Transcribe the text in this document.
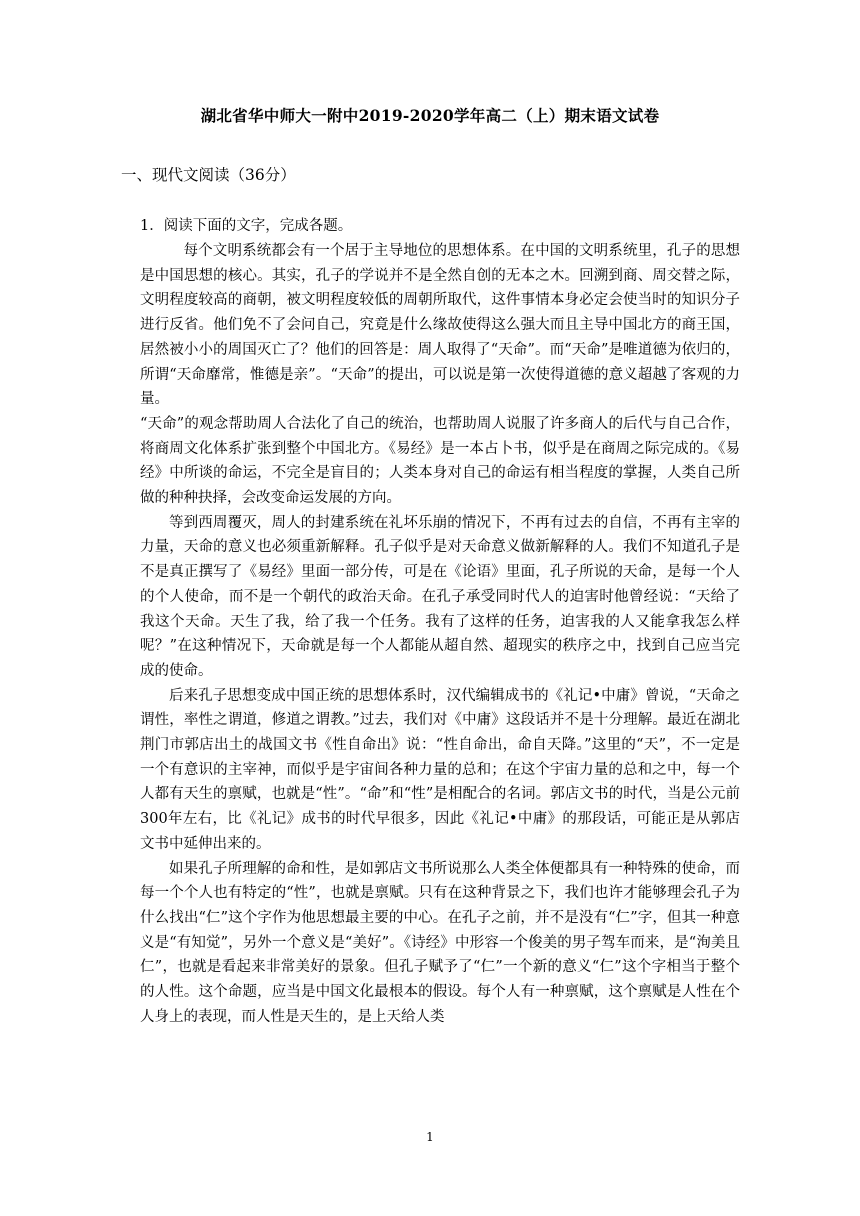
湖北省华中师大一附中2019-2020学年高二（上）期末语文试卷
一、现代文阅读（36分）
1．阅读下面的文字，完成各题。

每个文明系统都会有一个居于主导地位的思想体系。在中国的文明系统里，孔子的思想是中国思想的核心。其实，孔子的学说并不是全然自创的无本之木。回溯到商、周交替之际，文明程度较高的商朝，被文明程度较低的周朝所取代，这件事情本身必定会使当时的知识分子进行反省。他们免不了会问自己，究竟是什么缘故使得这么强大而且主导中国北方的商王国，居然被小小的周国灭亡了？他们的回答是：周人取得了“天命”。而“天命”是唯道德为依归的，所谓“天命靡常，惟德是亲”。“天命”的提出，可以说是第一次使得道德的意义超越了客观的力量。

“天命”的观念帮助周人合法化了自己的统治，也帮助周人说服了许多商人的后代与自己合作，将商周文化体系扩张到整个中国北方。《易经》是一本占卜书，似乎是在商周之际完成的。《易经》中所谈的命运，不完全是盲目的；人类本身对自己的命运有相当程度的掌握，人类自己所做的种种抉择，会改变命运发展的方向。

等到西周覆灭，周人的封建系统在礼坏乐崩的情况下，不再有过去的自信，不再有主宰的力量，天命的意义也必须重新解释。孔子似乎是对天命意义做新解释的人。我们不知道孔子是不是真正撰写了《易经》里面一部分传，可是在《论语》里面，孔子所说的天命，是每一个人的个人使命，而不是一个朝代的政治天命。在孔子承受同时代人的迫害时他曾经说：“天给了我这个天命。天生了我，给了我一个任务。我有了这样的任务，迫害我的人又能拿我怎么样呢？”在这种情况下，天命就是每一个人都能从超自然、超现实的秩序之中，找到自己应当完成的使命。

后来孔子思想变成中国正统的思想体系时，汉代编辑成书的《礼记•中庸》曾说，“天命之谓性，率性之谓道，修道之谓教。”过去，我们对《中庸》这段话并不是十分理解。最近在湖北荆门市郭店出土的战国文书《性自命出》说：“性自命出，命自天降。”这里的“天”，不一定是一个有意识的主宰神，而似乎是宇宙间各种力量的总和；在这个宇宙力量的总和之中，每一个人都有天生的禀赋，也就是“性”。“命”和“性”是相配合的名词。郭店文书的时代，当是公元前300年左右，比《礼记》成书的时代早很多，因此《礼记•中庸》的那段话，可能正是从郭店文书中延伸出来的。

如果孔子所理解的命和性，是如郭店文书所说那么人类全体便都具有一种特殊的使命，而每一个个人也有特定的“性”，也就是禀赋。只有在这种背景之下，我们也许才能够理会孔子为什么找出“仁”这个字作为他思想最主要的中心。在孔子之前，并不是没有“仁”字，但其一种意义是“有知觉”，另外一个意义是“美好”。《诗经》中形容一个俊美的男子驾车而来，是“洵美且仁”，也就是看起来非常美好的景象。但孔子赋予了“仁”一个新的意义“仁”这个字相当于整个的人性。这个命题，应当是中国文化最根本的假设。每个人有一种禀赋，这个禀赋是人性在个人身上的表现，而人性是天生的，是上天给人类

1
